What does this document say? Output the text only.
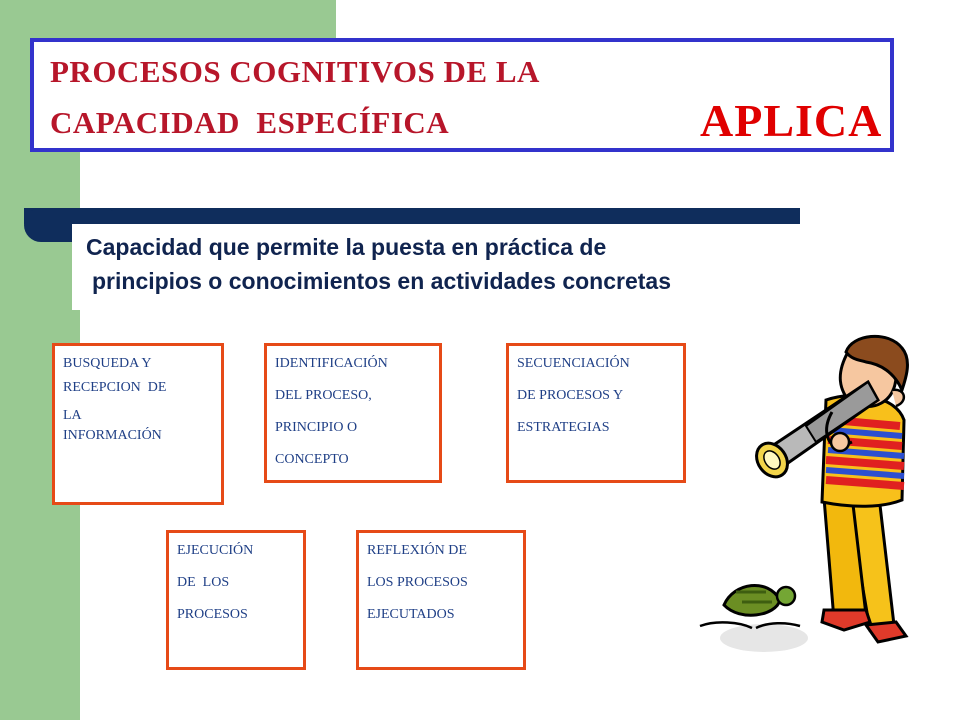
PROCESOS COGNITIVOS DE LA
CAPACIDAD  ESPECÍFICA	APLICA
Capacidad que permite la puesta en práctica de
principios o conocimientos en actividades concretas
BUSQUEDA Y
RECEPCION  DE
LA
INFORMACIÓN
IDENTIFICACIÓN
DEL PROCESO,
PRINCIPIO O
CONCEPTO
SECUENCIACIÓN
DE PROCESOS Y
ESTRATEGIAS
EJECUCIÓN
DE  LOS
PROCESOS
REFLEXIÓN DE
LOS PROCESOS
EJECUTADOS
